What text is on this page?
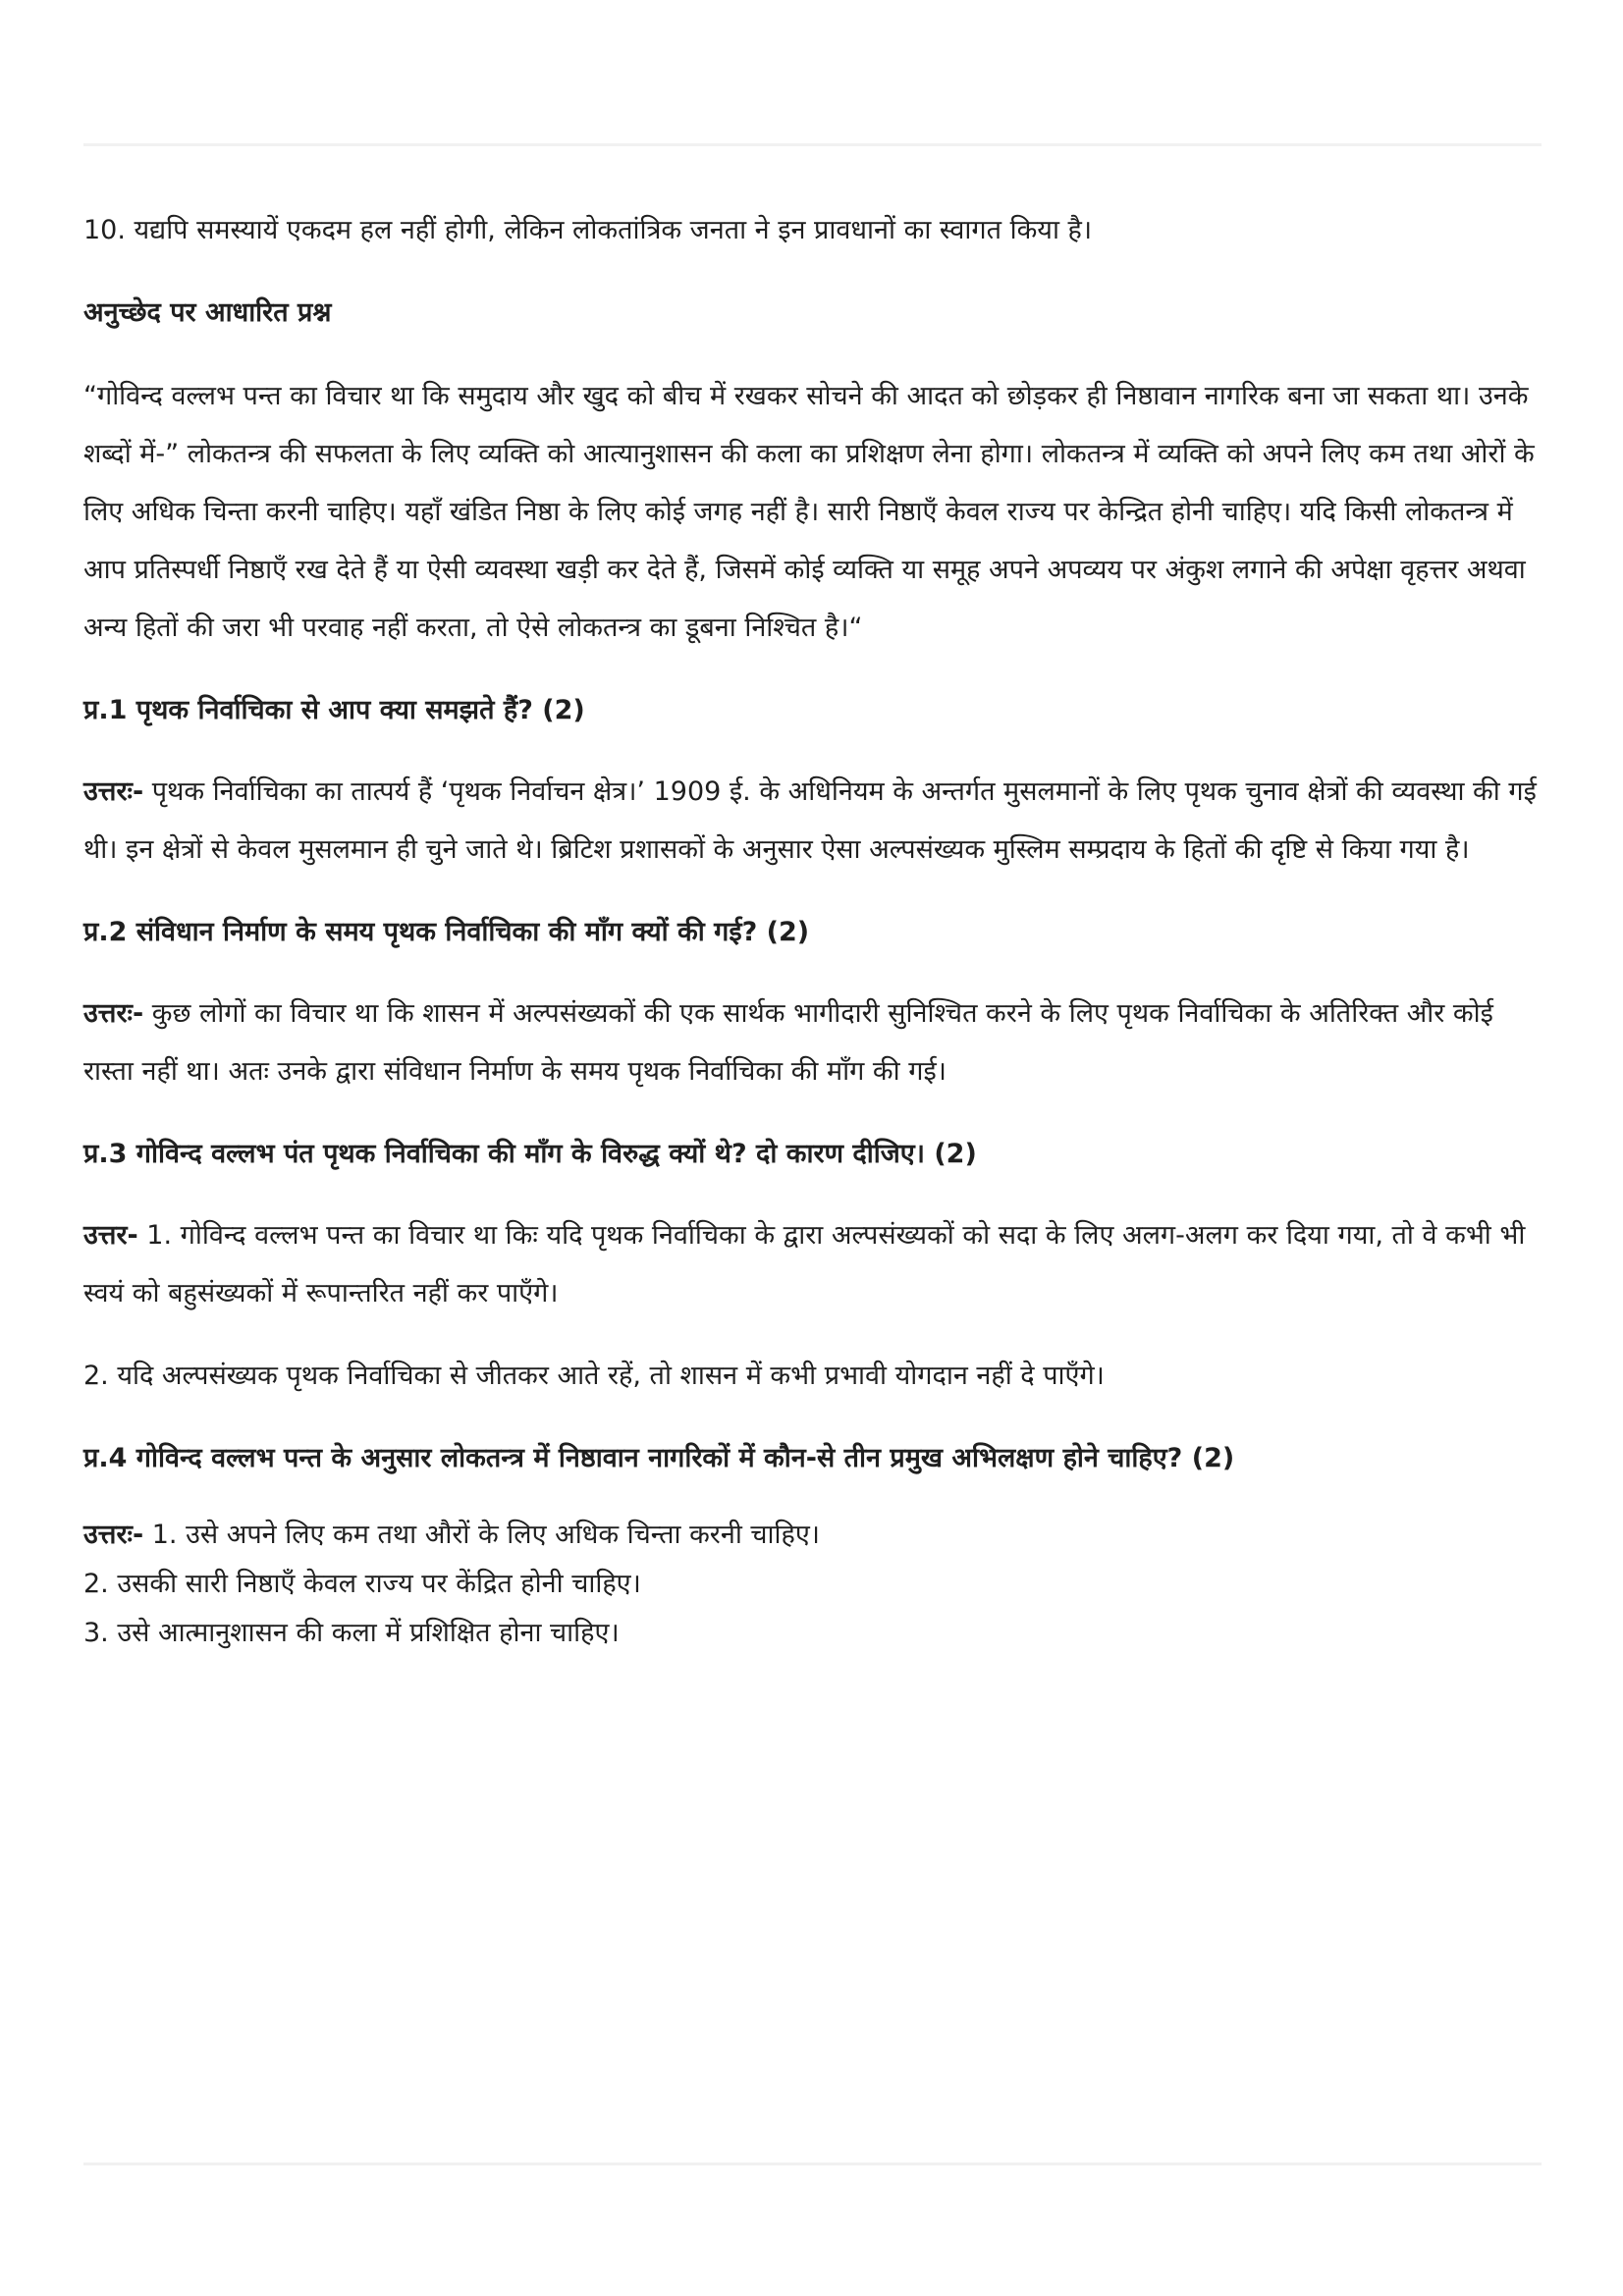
10. यद्यपि समस्यायें एकदम हल नहीं होगी, लेकिन लोकतांत्रिक जनता ने इन प्रावधानों का स्वागत किया है।

अनुच्छेद पर आधारित प्रश्न

“गोविन्द वल्लभ पन्त का विचार था कि समुदाय और खुद को बीच में रखकर सोचने की आदत को छोड़कर ही निष्ठावान नागरिक बना जा सकता था। उनके शब्दों में-” लोकतन्त्र की सफलता के लिए व्यक्ति को आत्यानुशासन की कला का प्रशिक्षण लेना होगा। लोकतन्त्र में व्यक्ति को अपने लिए कम तथा ओरों के लिए अधिक चिन्ता करनी चाहिए। यहाँ खंडित निष्ठा के लिए कोई जगह नहीं है। सारी निष्ठाएँ केवल राज्य पर केन्द्रित होनी चाहिए। यदि किसी लोकतन्त्र में आप प्रतिस्पर्धी निष्ठाएँ रख देते हैं या ऐसी व्यवस्था खड़ी कर देते हैं, जिसमें कोई व्यक्ति या समूह अपने अपव्यय पर अंकुश लगाने की अपेक्षा वृहत्तर अथवा अन्य हितों की जरा भी परवाह नहीं करता, तो ऐसे लोकतन्त्र का डूबना निश्चित है।“

प्र.1 पृथक निर्वाचिका से आप क्या समझते हैं? (2)

उत्तरः- पृथक निर्वाचिका का तात्पर्य हैं ‘पृथक निर्वाचन क्षेत्र।’ 1909 ई. के अधिनियम के अन्तर्गत मुसलमानों के लिए पृथक चुनाव क्षेत्रों की व्यवस्था की गई थी। इन क्षेत्रों से केवल मुसलमान ही चुने जाते थे। ब्रिटिश प्रशासकों के अनुसार ऐसा अल्पसंख्यक मुस्लिम सम्प्रदाय के हितों की दृष्टि से किया गया है।

प्र.2 संविधान निर्माण के समय पृथक निर्वाचिका की माँग क्यों की गई? (2)

उत्तरः- कुछ लोगों का विचार था कि शासन में अल्पसंख्यकों की एक सार्थक भागीदारी सुनिश्चित करने के लिए पृथक निर्वाचिका के अतिरिक्त और कोई रास्ता नहीं था। अतः उनके द्वारा संविधान निर्माण के समय पृथक निर्वाचिका की माँग की गई।

प्र.3 गोविन्द वल्लभ पंत पृथक निर्वाचिका की माँग के विरुद्ध क्यों थे? दो कारण दीजिए। (2)

उत्तर- 1. गोविन्द वल्लभ पन्त का विचार था किः यदि पृथक निर्वाचिका के द्वारा अल्पसंख्यकों को सदा के लिए अलग-अलग कर दिया गया, तो वे कभी भी स्वयं को बहुसंख्यकों में रूपान्तरित नहीं कर पाएँगे।

2. यदि अल्पसंख्यक पृथक निर्वाचिका से जीतकर आते रहें, तो शासन में कभी प्रभावी योगदान नहीं दे पाएँगे।

प्र.4 गोविन्द वल्लभ पन्त के अनुसार लोकतन्त्र में निष्ठावान नागरिकों में कौन-से तीन प्रमुख अभिलक्षण होने चाहिए? (2)

उत्तरः- 1. उसे अपने लिए कम तथा औरों के लिए अधिक चिन्ता करनी चाहिए।

2. उसकी सारी निष्ठाएँ केवल राज्य पर केंद्रित होनी चाहिए।

3. उसे आत्मानुशासन की कला में प्रशिक्षित होना चाहिए।
